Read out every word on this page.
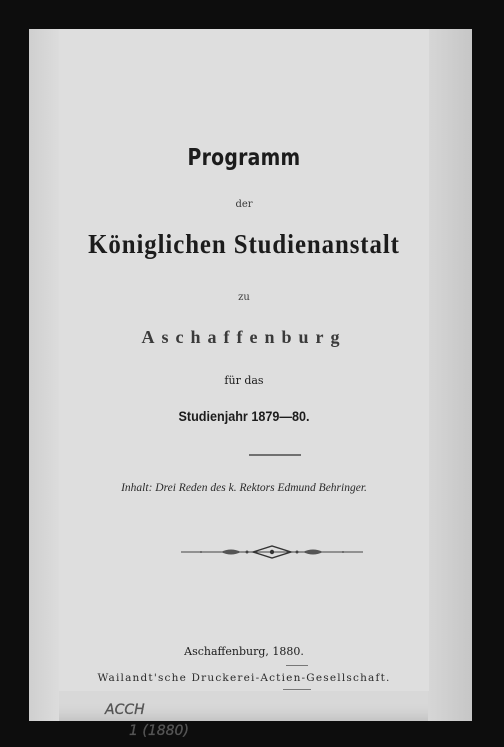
Programm
der
Königlichen Studienanstalt
zu
Aschaffenburg
für das
Studienjahr 1879—80.
Inhalt: Drei Reden des k. Rektors Edmund Behringer.
Aschaffenburg, 1880.
Wailandt'sche Druckerei-Actien-Gesellschaft.
ACCH 1 (1880)
